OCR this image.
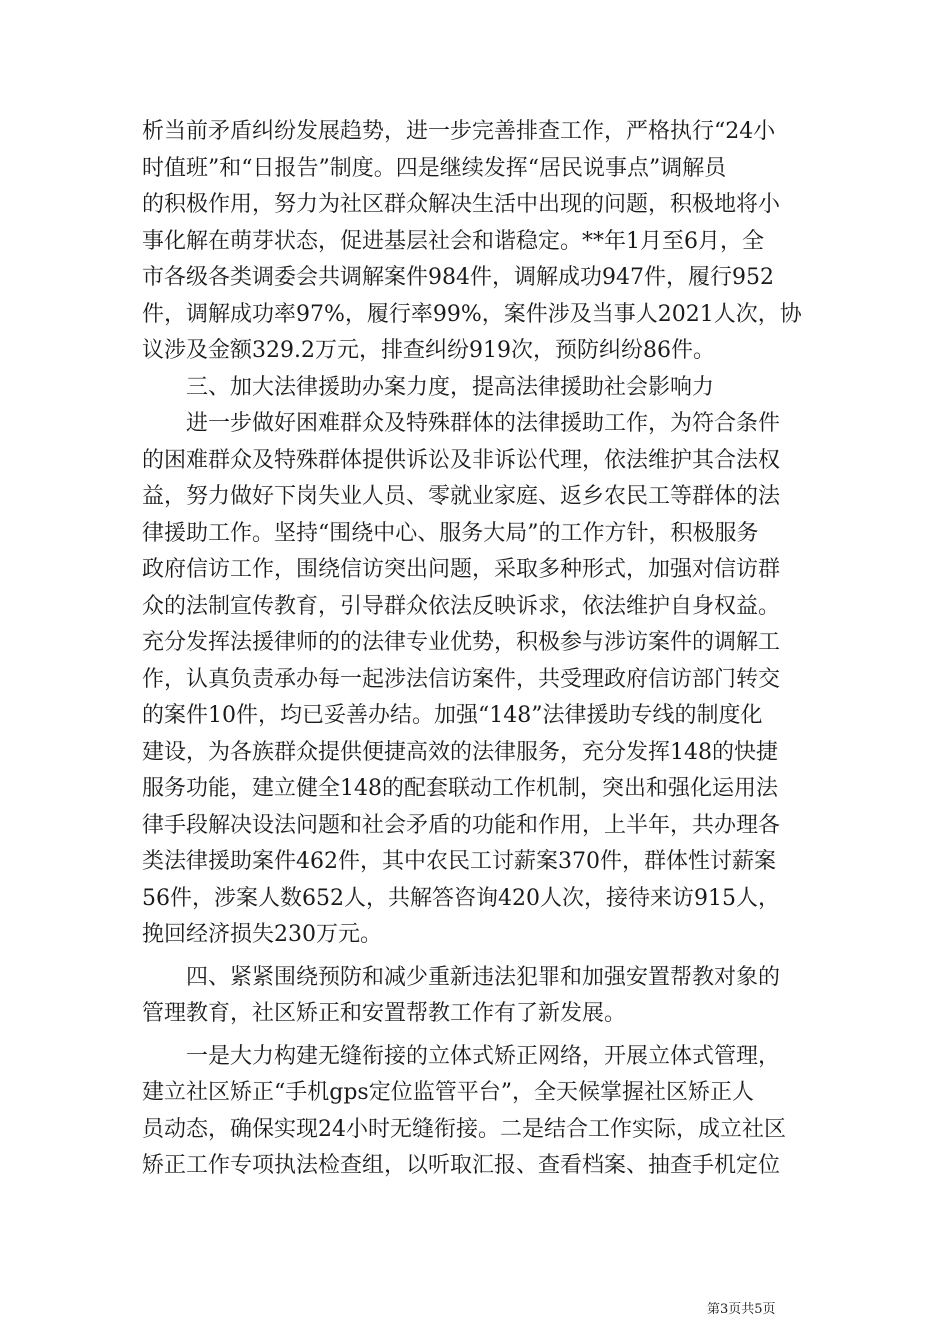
析当前矛盾纠纷发展趋势，进一步完善排查工作，严格执行“24小
时值班”和“日报告”制度。四是继续发挥“居民说事点”调解员
的积极作用，努力为社区群众解决生活中出现的问题，积极地将小
事化解在萌芽状态，促进基层社会和谐稳定。**年1月至6月，全
市各级各类调委会共调解案件984件，调解成功947件，履行952
件，调解成功率97%，履行率99%，案件涉及当事人2021人次，协
议涉及金额329.2万元，排查纠纷919次，预防纠纷86件。
三、加大法律援助办案力度，提高法律援助社会影响力
进一步做好困难群众及特殊群体的法律援助工作，为符合条件
的困难群众及特殊群体提供诉讼及非诉讼代理，依法维护其合法权
益，努力做好下岗失业人员、零就业家庭、返乡农民工等群体的法
律援助工作。坚持“围绕中心、服务大局”的工作方针，积极服务
政府信访工作，围绕信访突出问题，采取多种形式，加强对信访群
众的法制宣传教育，引导群众依法反映诉求，依法维护自身权益。
充分发挥法援律师的的法律专业优势，积极参与涉访案件的调解工
作，认真负责承办每一起涉法信访案件，共受理政府信访部门转交
的案件10件，均已妥善办结。加强“148”法律援助专线的制度化
建设，为各族群众提供便捷高效的法律服务，充分发挥148的快捷
服务功能，建立健全148的配套联动工作机制，突出和强化运用法
律手段解决设法问题和社会矛盾的功能和作用，上半年，共办理各
类法律援助案件462件，其中农民工讨薪案370件，群体性讨薪案
56件，涉案人数652人，共解答咨询420人次，接待来访915人，
挽回经济损失230万元。
四、紧紧围绕预防和减少重新违法犯罪和加强安置帮教对象的
管理教育，社区矫正和安置帮教工作有了新发展。
一是大力构建无缝衔接的立体式矫正网络，开展立体式管理，
建立社区矫正“手机gps定位监管平台”，全天候掌握社区矫正人
员动态，确保实现24小时无缝衔接。二是结合工作实际，成立社区
矫正工作专项执法检查组，以听取汇报、查看档案、抽查手机定位
第3页共5页
